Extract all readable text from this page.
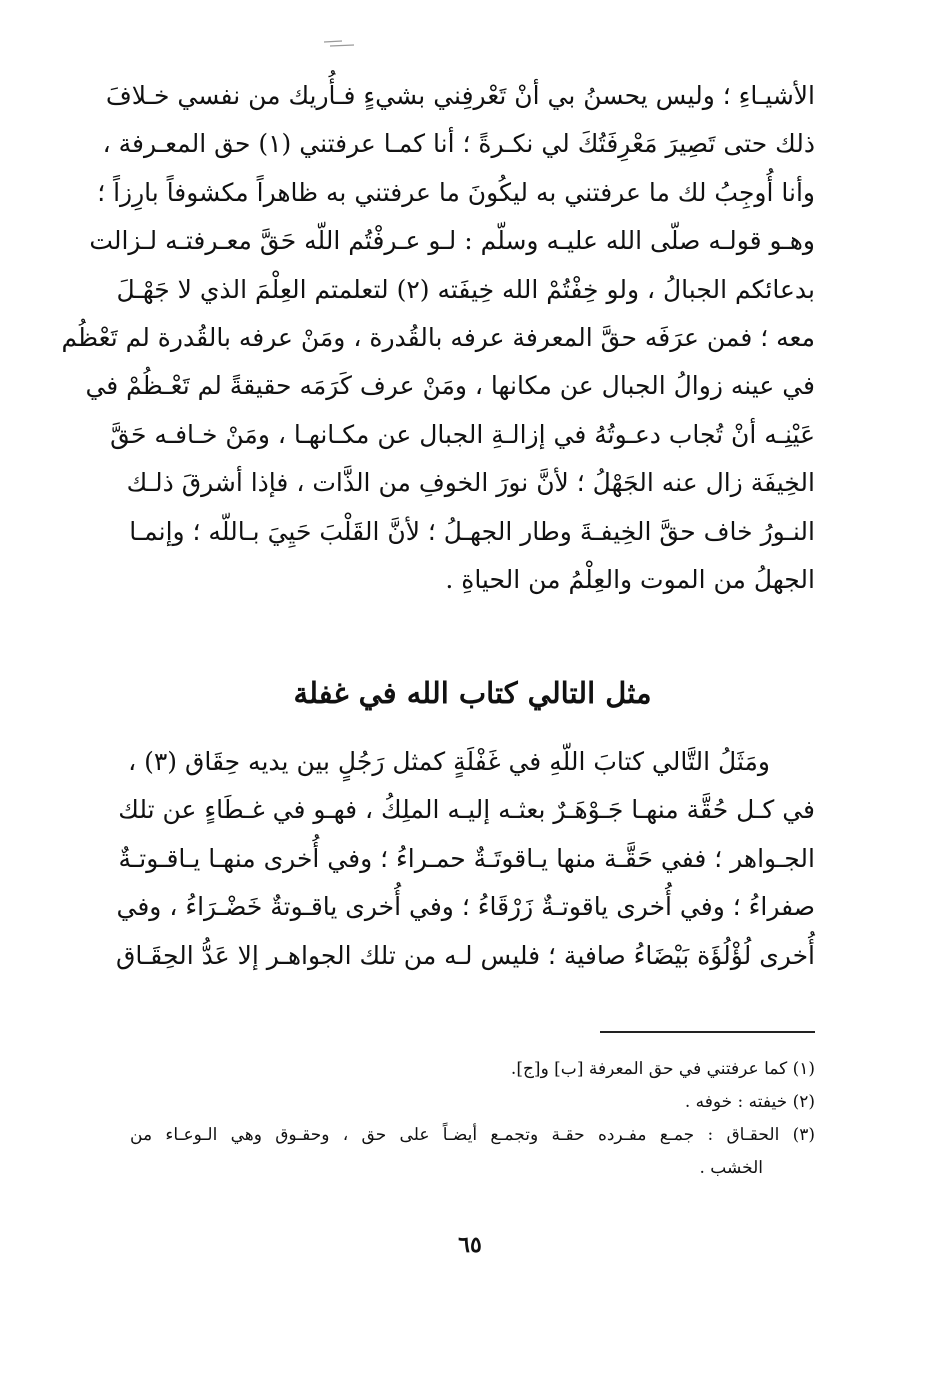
الأشيـاءِ ؛ وليس يحسنُ بي أنْ تَعْرفِني بشيءٍ فـأُريك من نفسي خـلافَ
ذلك حتى تَصِيرَ مَعْرِفَتُكَ لي نكـرةً ؛ أنا كمـا عرفتني (١) حق المعـرفة ،
وأنا أُوجِبُ لك ما عرفتني به ليكُونَ ما عرفتني به ظاهراً مكشوفاً بارِزاً ؛
وهـو قولـه صلّى الله عليـه وسلّم : لـو عـرفْتُم اللّه حَقَّ معـرفتـه لـزالت
بدعائكم الجبالُ ، ولو خِفْتُمْ الله خِيفَته (٢) لتعلمتم العِلْمَ الذي لا جَهْـلَ
معه ؛ فمن عرَفَه حقَّ المعرفة عرفه بالقُدرة ، ومَنْ عرفه بالقُدرة لم تَعْظُم
في عينه زوالُ الجبال عن مكانها ، ومَنْ عرف كَرَمَه حقيقةً لم تَعْـظُمْ في
عَيْنِـه أنْ تُجاب دعـوتُهُ في إزالـةِ الجبال عن مكـانهـا ، ومَنْ خـافـه حَقَّ
الخِيفَة زال عنه الجَهْلُ ؛ لأنَّ نورَ الخوفِ من الذَّات ، فإذا أشرقَ ذلـك
النـورُ خاف حقَّ الخِيفـةَ وطار الجهـلُ ؛ لأنَّ القَلْبَ حَيِيَ بـاللّه ؛ وإنمـا
الجهلُ من الموت والعِلْمُ من الحياةِ .
مثل التالي كتاب الله في غفلة
ومَثَلُ التَّالي كتابَ اللّهِ في غَفْلَةٍ كمثل رَجُلٍ بين يديه حِقَاق (٣) ،
في كـل حُقَّة منهـا جَـوْهَـرٌ بعثـه إليـه الملِكُ ، فهـو في غـطَاءٍ عن تلك
الجـواهر ؛ ففي حَقَّـة منها يـاقوتَـةٌ حمـراءُ ؛ وفي أُخرى منهـا يـاقـوتـةٌ
صفراءُ ؛ وفي أُخرى ياقوتـةٌ زَرْقَاءُ ؛ وفي أُخرى ياقـوتةٌ خَضْـرَاءُ ، وفي
أُخرى لُؤْلُؤَة بَيْضَاءُ صافية ؛ فليس لـه من تلك الجواهـر إلا عَدُّ الحِقَـاق
(١) كما عرفتني في حق المعرفة [ب] و[ج].
(٢) خيفته : خوفه .
(٣) الحقـاق : جمـع مفـرده حقـة وتجمـع أيضـاً على حق ، وحقـوق وهي الـوعـاء من
الخشب .
٦٥
